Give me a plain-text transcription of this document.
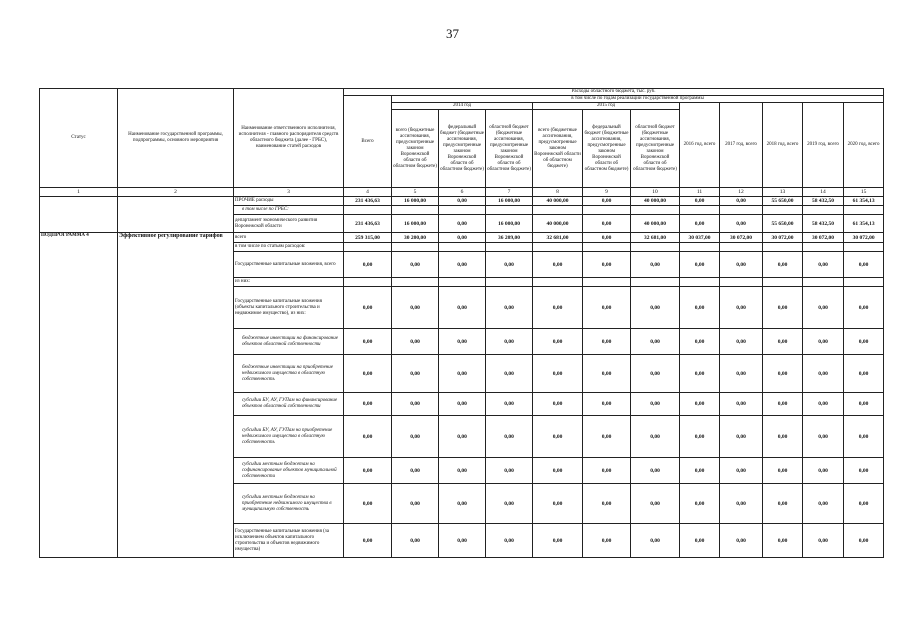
37
Статус	Наименование государственной программы, подпрограммы, основного мероприятия	Наименование ответственного исполнителя, исполнителя - главного распорядителя средств областного бюджета (далее - ГРБС), наименование статей расходов	Расходы областного бюджета, тыс. руб.											
			Всего	в том числе по годам реализации государственной программы										
				2014 год			2015 год			2016 год, всего	2017 год, всего	2018 год, всего	2019 год, всего	2020 год, всего
				всего (бюджетные ассигнования, предусмотренные законом Воронежской области об областном бюджете)	федеральный бюджет (бюджетные ассигнования, предусмотренные законом Воронежской области об областном бюджете)	областной бюджет (бюджетные ассигнования, предусмотренные законом Воронежской области об областном бюджете)	всего (бюджетные ассигнования, предусмотренные законом Воронежской области об областном бюджете)	федеральный бюджет (бюджетные ассигнования, предусмотренные законом Воронежской области об областном бюджете)	областной бюджет (бюджетные ассигнования, предусмотренные законом Воронежской области об областном бюджете)					
1	2	3	4	5	6	7	8	9	10	11	12	13	14	15
		ПРОЧИЕ расходы	231 436,63	16 000,00	0,00	16 000,00	40 000,00	0,00	40 000,00	0,00	0,00	55 650,00	58 432,50	61 354,13
		в том числе по ГРБС:												
		департамент экономического развития Воронежской области	231 436,63	16 000,00	0,00	16 000,00	40 000,00	0,00	40 000,00	0,00	0,00	55 650,00	58 432,50	61 354,13
ПОДПРОГРАММА 4	Эффективное регулирование тарифов	всего	259 315,00	30 200,00	0,00	36 209,00	32 681,00	0,00	32 681,00	30 037,00	30 072,00	30 072,00	30 072,00	30 072,00
		в том числе по статьям расходов:												
		Государственные капитальные вложения, всего	0,00	0,00	0,00	0,00	0,00	0,00	0,00	0,00	0,00	0,00	0,00	0,00
		из них:												
		Государственные капитальные вложения (объекты капитального строительства и недвижимое имущество), из них:	0,00	0,00	0,00	0,00	0,00	0,00	0,00	0,00	0,00	0,00	0,00	0,00
		бюджетные инвестиции на финансирование объектов областной собственности	0,00	0,00	0,00	0,00	0,00	0,00	0,00	0,00	0,00	0,00	0,00	0,00
		бюджетные инвестиции на приобретение недвижимого имущества в областную собственность	0,00	0,00	0,00	0,00	0,00	0,00	0,00	0,00	0,00	0,00	0,00	0,00
		субсидии БУ, АУ, ГУПам на финансирование объектов областной собственности	0,00	0,00	0,00	0,00	0,00	0,00	0,00	0,00	0,00	0,00	0,00	0,00
		субсидии БУ, АУ, ГУПам на приобретение недвижимого имущества в областную собственность	0,00	0,00	0,00	0,00	0,00	0,00	0,00	0,00	0,00	0,00	0,00	0,00
		субсидии местным бюджетам на софинансирование объектов муниципальной собственности	0,00	0,00	0,00	0,00	0,00	0,00	0,00	0,00	0,00	0,00	0,00	0,00
		субсидии местным бюджетам на приобретение недвижимого имущества в муниципальную собственность	0,00	0,00	0,00	0,00	0,00	0,00	0,00	0,00	0,00	0,00	0,00	0,00
		Государственные капитальные вложения (за исключением объектов капитального строительства и объектов недвижимого имущества)	0,00	0,00	0,00	0,00	0,00	0,00	0,00	0,00	0,00	0,00	0,00	0,00
